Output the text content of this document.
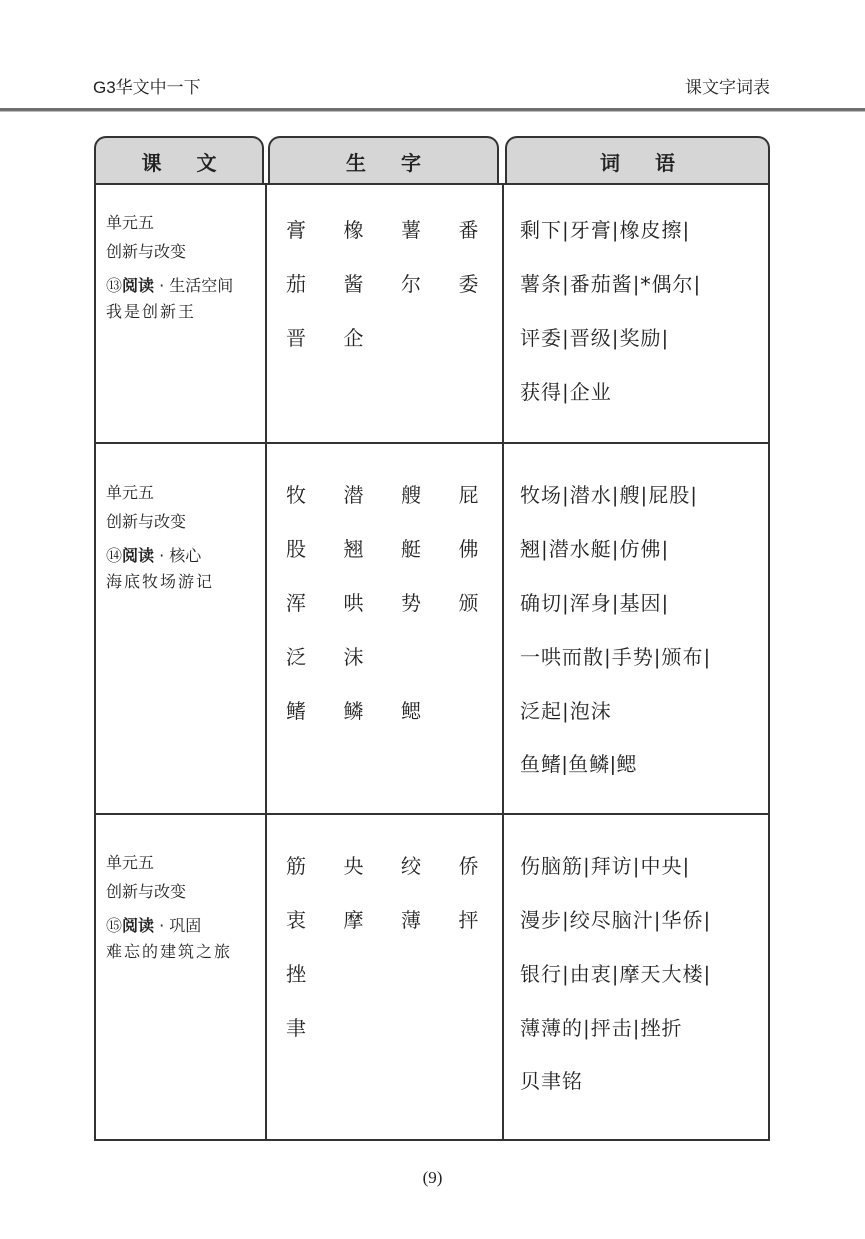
G3华文中一下	课文字词表
课 文	生 字	词 语
单元五
创新与改变
⑬阅读 · 生活空间
我是创新王
膏	橡	薯	番
茄	酱	尔	委
晋	企
剩下|牙膏|橡皮擦|
薯条|番茄酱|*偶尔|
评委|晋级|奖励|
获得|企业
单元五
创新与改变
⑭阅读 · 核心
海底牧场游记
牧	潜	艘	屁
股	翘	艇	佛
浑	哄	势	颁
泛	沫
鳍	鳞	鳃
牧场|潜水|艘|屁股|
翘|潜水艇|仿佛|
确切|浑身|基因|
一哄而散|手势|颁布|
泛起|泡沫
鱼鳍|鱼鳞|鳃
单元五
创新与改变
⑮阅读 · 巩固
难忘的建筑之旅
筋	央	绞	侨
衷	摩	薄	抨
挫
聿
伤脑筋|拜访|中央|
漫步|绞尽脑汁|华侨|
银行|由衷|摩天大楼|
薄薄的|抨击|挫折
贝聿铭
(9)
